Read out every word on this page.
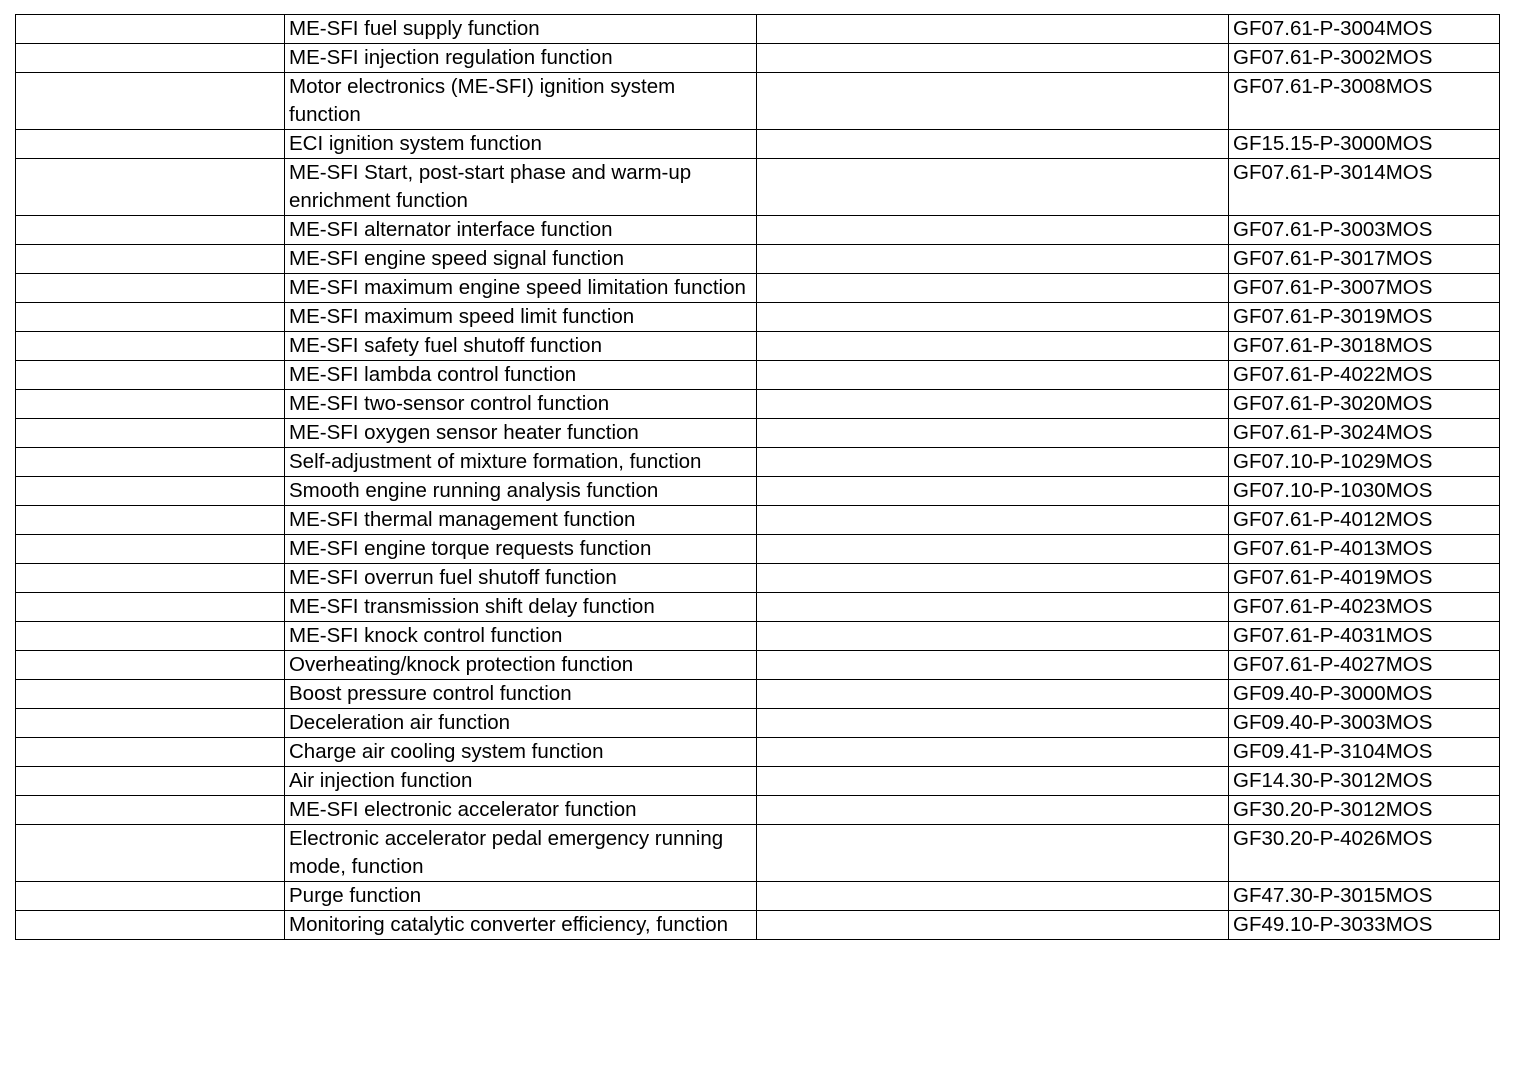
	ME-SFI fuel supply function		GF07.61-P-3004MOS
	ME-SFI injection regulation function		GF07.61-P-3002MOS
	Motor electronics (ME-SFI) ignition system function		GF07.61-P-3008MOS
	ECI ignition system function		GF15.15-P-3000MOS
	ME-SFI Start, post-start phase and warm-up enrichment function		GF07.61-P-3014MOS
	ME-SFI alternator interface function		GF07.61-P-3003MOS
	ME-SFI engine speed signal function		GF07.61-P-3017MOS
	ME-SFI maximum engine speed limitation function		GF07.61-P-3007MOS
	ME-SFI maximum speed limit function		GF07.61-P-3019MOS
	ME-SFI safety fuel shutoff function		GF07.61-P-3018MOS
	ME-SFI lambda control function		GF07.61-P-4022MOS
	ME-SFI two-sensor control function		GF07.61-P-3020MOS
	ME-SFI oxygen sensor heater function		GF07.61-P-3024MOS
	Self-adjustment of mixture formation, function		GF07.10-P-1029MOS
	Smooth engine running analysis function		GF07.10-P-1030MOS
	ME-SFI thermal management function		GF07.61-P-4012MOS
	ME-SFI engine torque requests function		GF07.61-P-4013MOS
	ME-SFI overrun fuel shutoff function		GF07.61-P-4019MOS
	ME-SFI transmission shift delay function		GF07.61-P-4023MOS
	ME-SFI knock control function		GF07.61-P-4031MOS
	Overheating/knock protection function		GF07.61-P-4027MOS
	Boost pressure control function		GF09.40-P-3000MOS
	Deceleration air function		GF09.40-P-3003MOS
	Charge air cooling system function		GF09.41-P-3104MOS
	Air injection function		GF14.30-P-3012MOS
	ME-SFI electronic accelerator function		GF30.20-P-3012MOS
	Electronic accelerator pedal emergency running mode, function		GF30.20-P-4026MOS
	Purge function		GF47.30-P-3015MOS
	Monitoring catalytic converter efficiency, function		GF49.10-P-3033MOS
